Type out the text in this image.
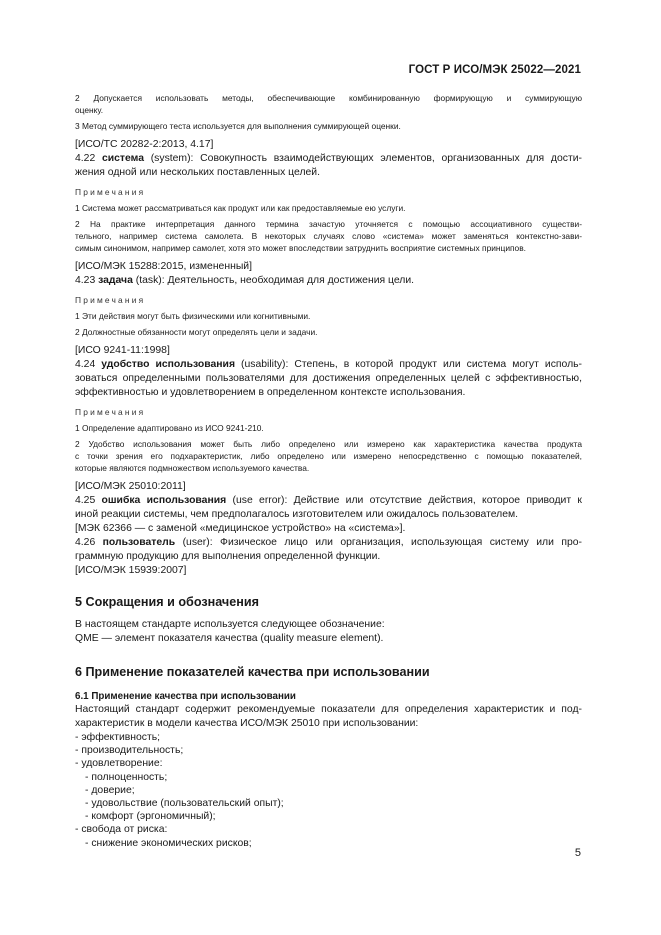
ГОСТ Р ИСО/МЭК 25022—2021

2 Допускается использовать методы, обеспечивающие комбинированную формирующую и суммирующую

оценку.

3 Метод суммирующего теста используется для выполнения суммирующей оценки.

[ИСО/ТС 20282-2:2013, 4.17]

4.22 система (system): Совокупность взаимодействующих элементов, организованных для дости-

жения одной или нескольких поставленных целей.

Примечания

1 Система может рассматриваться как продукт или как предоставляемые ею услуги.

2 На практике интерпретация данного термина зачастую уточняется с помощью ассоциативного существи-

тельного, например система самолета. В некоторых случаях слово «система» может заменяться контекстно-зави-

симым синонимом, например самолет, хотя это может впоследствии затруднить восприятие системных принципов.

[ИСО/МЭК 15288:2015, измененный]

4.23 задача (task): Деятельность, необходимая для достижения цели.

Примечания

1 Эти действия могут быть физическими или когнитивными.

2 Должностные обязанности могут определять цели и задачи.

[ИСО 9241-11:1998]

4.24 удобство использования (usability): Степень, в которой продукт или система могут исполь-

зоваться определенными пользователями для достижения определенных целей с эффективностью,

эффективностью и удовлетворением в определенном контексте использования.

Примечания

1 Определение адаптировано из ИСО 9241-210.

2 Удобство использования может быть либо определено или измерено как характеристика качества продукта

с точки зрения его подхарактеристик, либо определено или измерено непосредственно с помощью показателей,

которые являются подмножеством используемого качества.

[ИСО/МЭК 25010:2011]

4.25 ошибка использования (use error): Действие или отсутствие действия, которое приводит к

иной реакции системы, чем предполагалось изготовителем или ожидалось пользователем.

[МЭК 62366 — с заменой «медицинское устройство» на «система»].

4.26 пользователь (user): Физическое лицо или организация, использующая систему или про-

граммную продукцию для выполнения определенной функции.

[ИСО/МЭК 15939:2007]

5 Сокращения и обозначения

В настоящем стандарте используется следующее обозначение:

QME — элемент показателя качества (quality measure element).

6 Применение показателей качества при использовании

6.1 Применение качества при использовании

Настоящий стандарт содержит рекомендуемые показатели для определения характеристик и под-

характеристик в модели качества ИСО/МЭК 25010 при использовании:

- эффективность;
- производительность;
- удовлетворение:
- полноценность;
- доверие;
- удовольствие (пользовательский опыт);
- комфорт (эргономичный);
- свобода от риска:
- снижение экономических рисков;
5
